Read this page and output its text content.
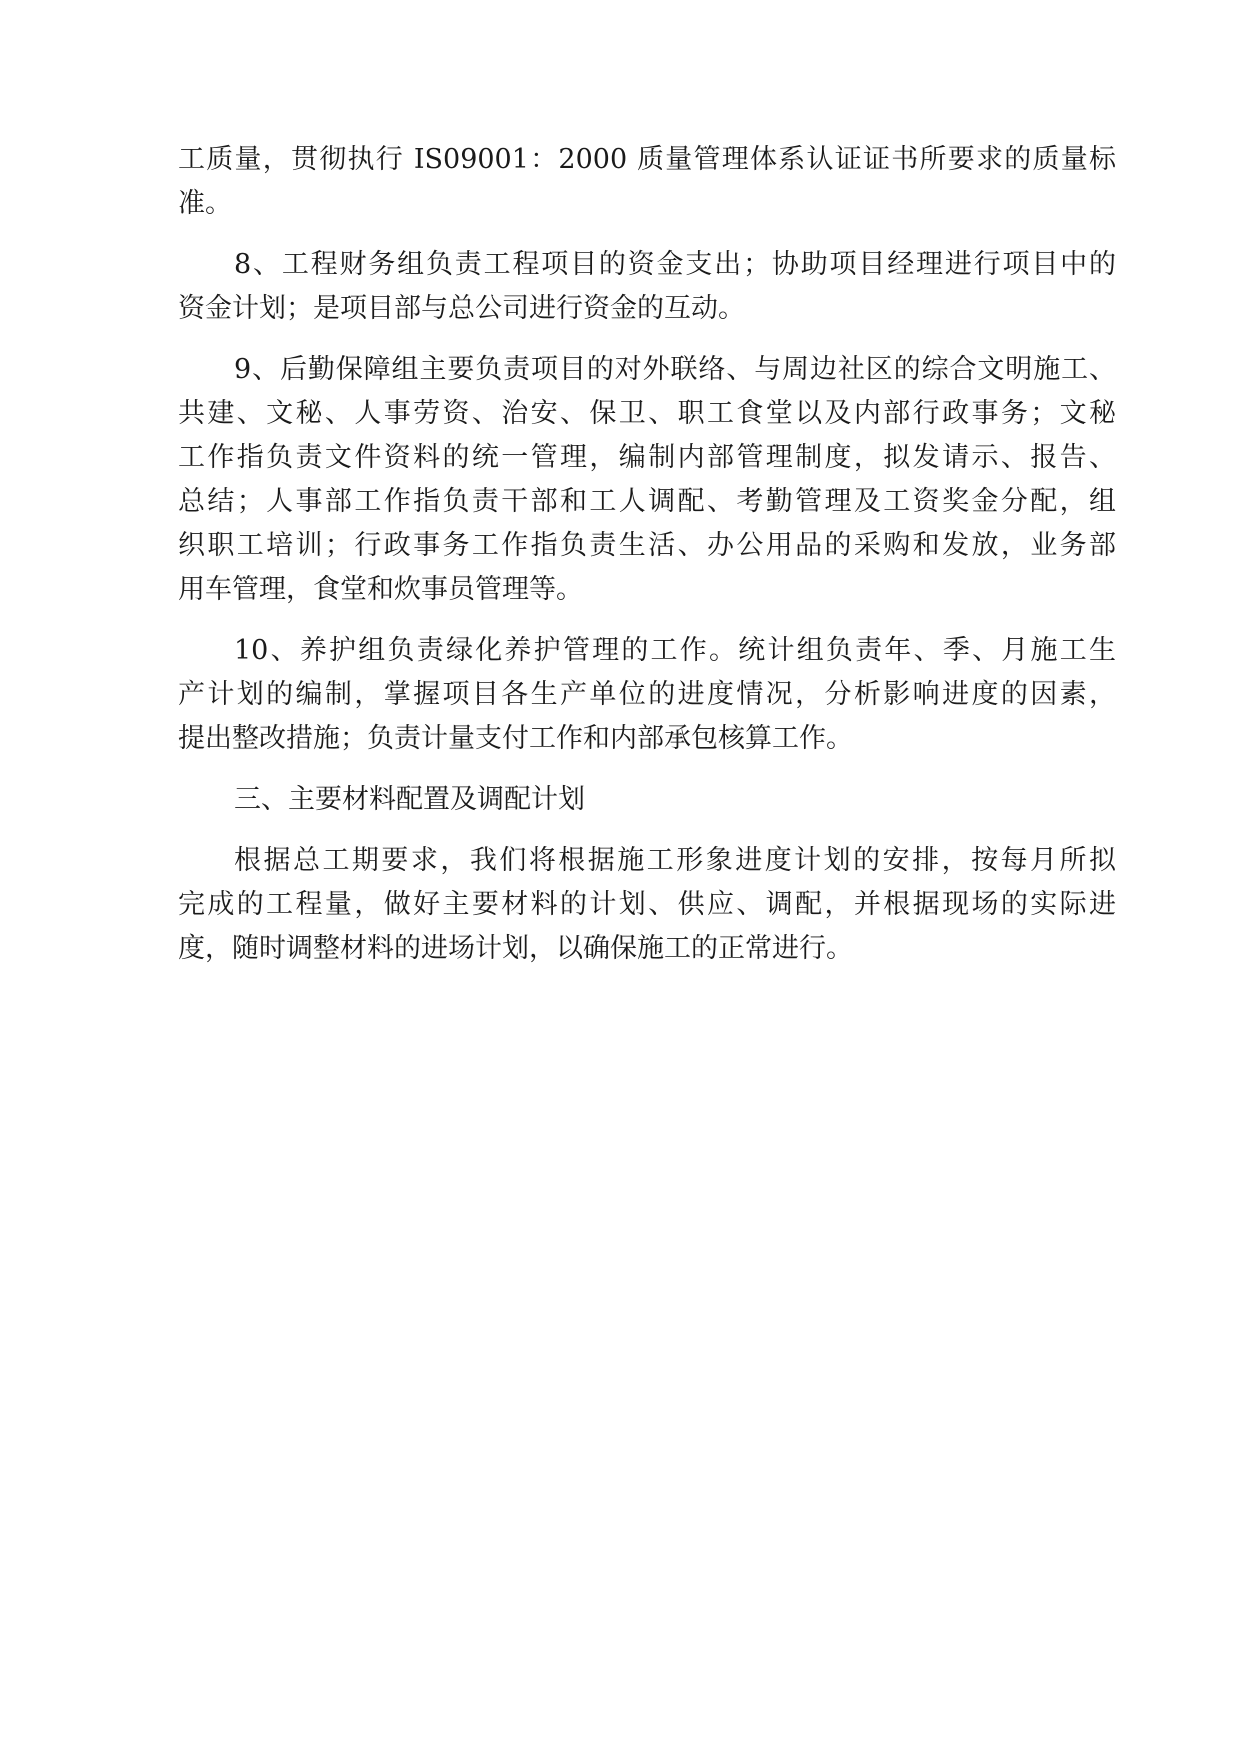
工质量，贯彻执行 IS09001：2000 质量管理体系认证证书所要求的质量标
准。
8、工程财务组负责工程项目的资金支出；协助项目经理进行项目中的
资金计划；是项目部与总公司进行资金的互动。
9、后勤保障组主要负责项目的对外联络、与周边社区的综合文明施工、
共建、文秘、人事劳资、治安、保卫、职工食堂以及内部行政事务；文秘
工作指负责文件资料的统一管理，编制内部管理制度，拟发请示、报告、
总结；人事部工作指负责干部和工人调配、考勤管理及工资奖金分配，组
织职工培训；行政事务工作指负责生活、办公用品的采购和发放，业务部
用车管理，食堂和炊事员管理等。
10、养护组负责绿化养护管理的工作。统计组负责年、季、月施工生
产计划的编制，掌握项目各生产单位的进度情况，分析影响进度的因素，
提出整改措施；负责计量支付工作和内部承包核算工作。
三、主要材料配置及调配计划
根据总工期要求，我们将根据施工形象进度计划的安排，按每月所拟
完成的工程量，做好主要材料的计划、供应、调配，并根据现场的实际进
度，随时调整材料的进场计划，以确保施工的正常进行。
